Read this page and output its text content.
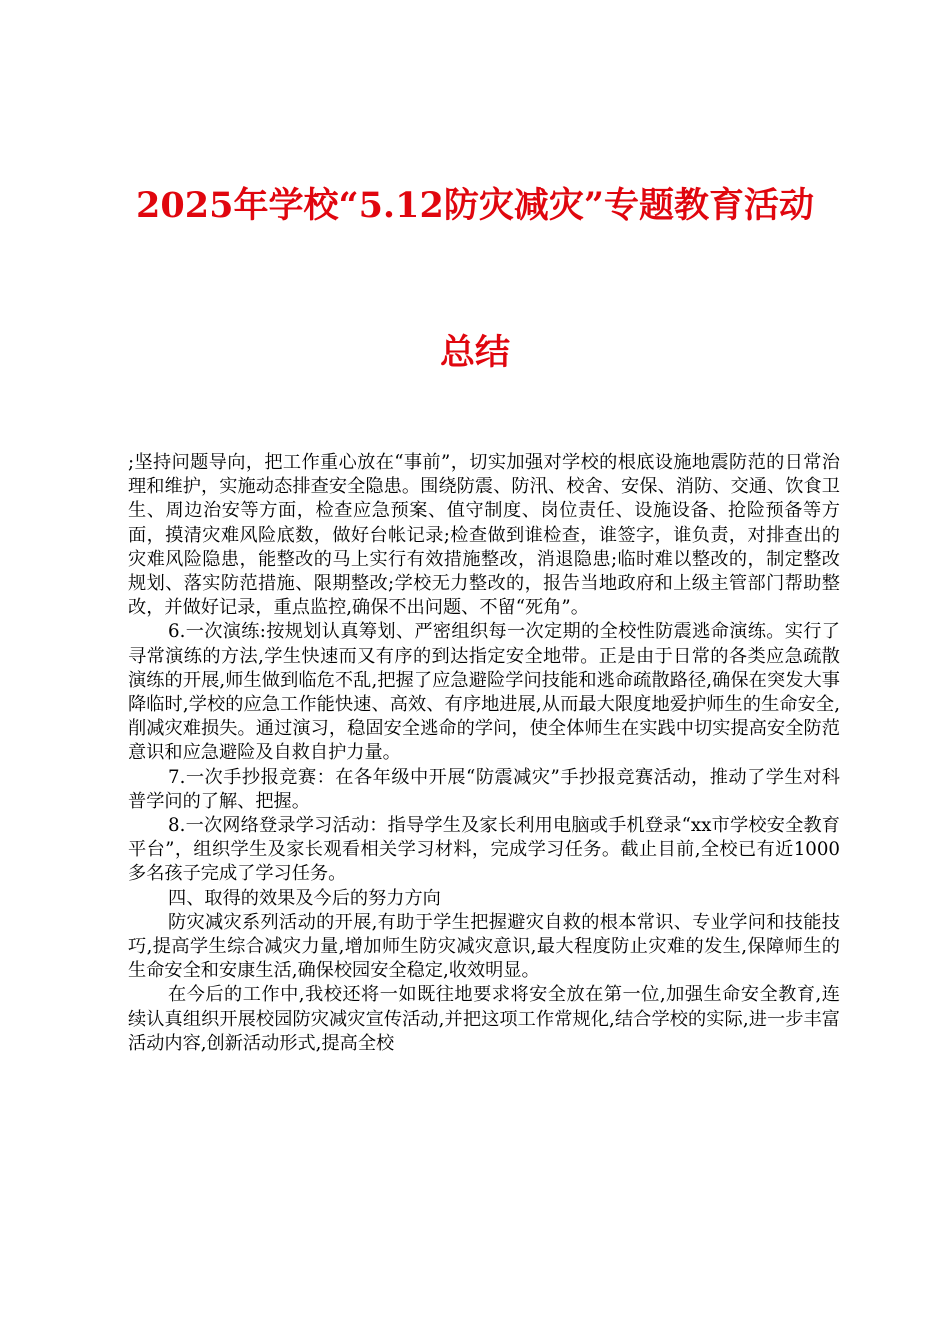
2025年学校“5.12防灾减灾”专题教育活动
总结

;坚持问题导向，把工作重心放在“事前”，切实加强对学校的根底设施地震防范的日常治理和维护，实施动态排查安全隐患。围绕防震、防汛、校舍、安保、消防、交通、饮食卫生、周边治安等方面，检查应急预案、值守制度、岗位责任、设施设备、抢险预备等方面，摸清灾难风险底数，做好台帐记录;检查做到谁检查，谁签字，谁负责，对排查出的灾难风险隐患，能整改的马上实行有效措施整改，消退隐患;临时难以整改的，制定整改规划、落实防范措施、限期整改;学校无力整改的，报告当地政府和上级主管部门帮助整改，并做好记录，重点监控,确保不出问题、不留“死角”。

6.一次演练:按规划认真筹划、严密组织每一次定期的全校性防震逃命演练。实行了寻常演练的方法,学生快速而又有序的到达指定安全地带。正是由于日常的各类应急疏散演练的开展,师生做到临危不乱,把握了应急避险学问技能和逃命疏散路径,确保在突发大事降临时,学校的应急工作能快速、高效、有序地进展,从而最大限度地爱护师生的生命安全,削减灾难损失。通过演习，稳固安全逃命的学问，使全体师生在实践中切实提高安全防范意识和应急避险及自救自护力量。

7.一次手抄报竞赛：在各年级中开展“防震减灾”手抄报竞赛活动，推动了学生对科普学问的了解、把握。

8.一次网络登录学习活动：指导学生及家长利用电脑或手机登录“xx市学校安全教育平台”，组织学生及家长观看相关学习材料，完成学习任务。截止目前,全校已有近1000多名孩子完成了学习任务。

四、取得的效果及今后的努力方向

防灾减灾系列活动的开展,有助于学生把握避灾自救的根本常识、专业学问和技能技巧,提高学生综合减灾力量,增加师生防灾减灾意识,最大程度防止灾难的发生,保障师生的生命安全和安康生活,确保校园安全稳定,收效明显。

在今后的工作中,我校还将一如既往地要求将安全放在第一位,加强生命安全教育,连续认真组织开展校园防灾减灾宣传活动,并把这项工作常规化,结合学校的实际,进一步丰富活动内容,创新活动形式,提高全校
